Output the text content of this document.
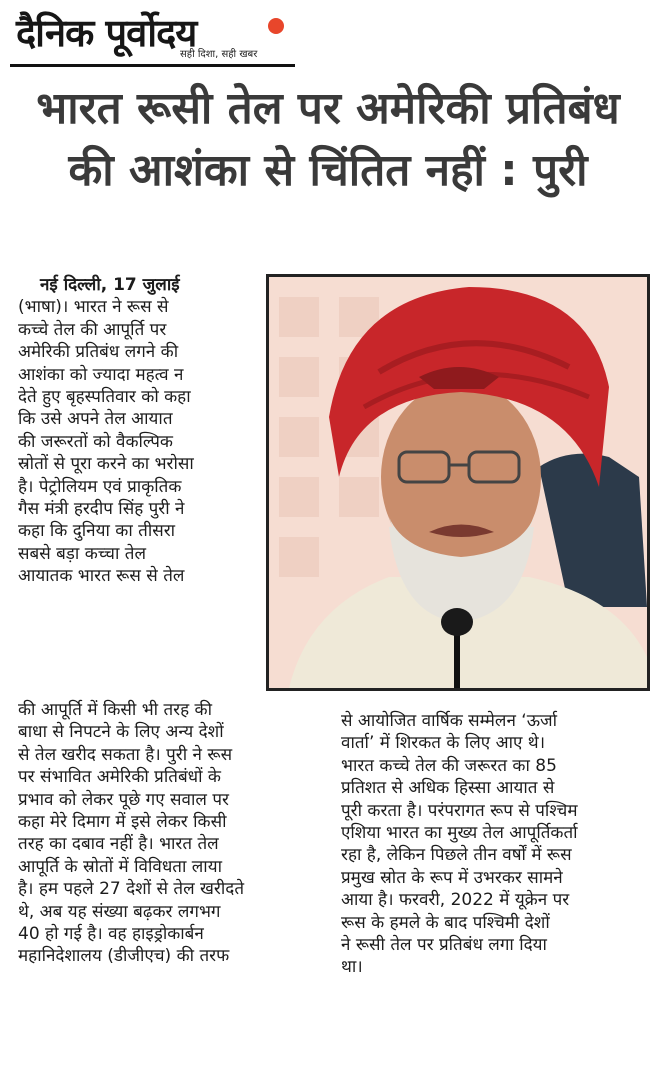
दैनिक पूर्वोदय
सही दिशा, सही खबर
भारत रूसी तेल पर अमेरिकी प्रतिबंध
की आशंका से चिंतित नहीं : पुरी
नई दिल्ली, 17 जुलाई
(भाषा)। भारत ने रूस से
कच्चे तेल की आपूर्ति पर
अमेरिकी प्रतिबंध लगने की
आशंका को ज्यादा महत्व न
देते हुए बृहस्पतिवार को कहा
कि उसे अपने तेल आयात
की जरूरतों को वैकल्पिक
स्रोतों से पूरा करने का भरोसा
है। पेट्रोलियम एवं प्राकृतिक
गैस मंत्री हरदीप सिंह पुरी ने
कहा कि दुनिया का तीसरा
सबसे बड़ा कच्चा तेल
आयातक भारत रूस से तेल
की आपूर्ति में किसी भी तरह की
बाधा से निपटने के लिए अन्य देशों
से तेल खरीद सकता है। पुरी ने रूस
पर संभावित अमेरिकी प्रतिबंधों के
प्रभाव को लेकर पूछे गए सवाल पर
कहा मेरे दिमाग में इसे लेकर किसी
तरह का दबाव नहीं है। भारत तेल
आपूर्ति के स्रोतों में विविधता लाया
है। हम पहले 27 देशों से तेल खरीदते
थे, अब यह संख्या बढ़कर लगभग
40 हो गई है। वह हाइड्रोकार्बन
महानिदेशालय (डीजीएच) की तरफ
से आयोजित वार्षिक सम्मेलन ‘ऊर्जा
वार्ता’ में शिरकत के लिए आए थे।
भारत कच्चे तेल की जरूरत का 85
प्रतिशत से अधिक हिस्सा आयात से
पूरी करता है। परंपरागत रूप से पश्चिम
एशिया भारत का मुख्य तेल आपूर्तिकर्ता
रहा है, लेकिन पिछले तीन वर्षों में रूस
प्रमुख स्रोत के रूप में उभरकर सामने
आया है। फरवरी, 2022 में यूक्रेन पर
रूस के हमले के बाद पश्चिमी देशों
ने रूसी तेल पर प्रतिबंध लगा दिया
था।
